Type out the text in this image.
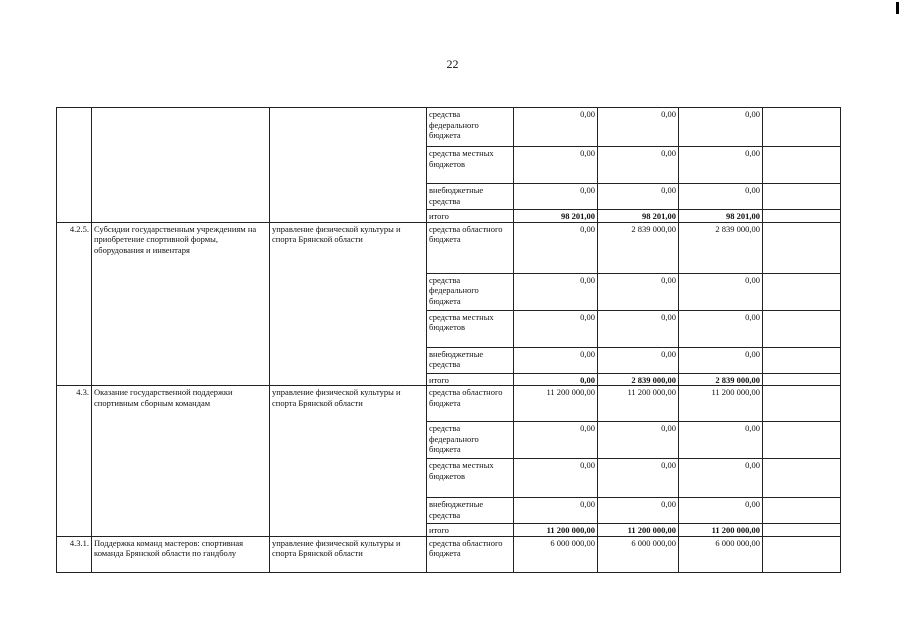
22
			средства федерального бюджета	0,00	0,00	0,00	
			средства местных бюджетов	0,00	0,00	0,00	
			внебюджетные средства	0,00	0,00	0,00	
			итого	98 201,00	98 201,00	98 201,00	
4.2.5.	Субсидии государственным учреждениям на приобретение спортивной формы, оборудования и инвентаря	управление физической культуры и спорта Брянской области	средства областного бюджета	0,00	2 839 000,00	2 839 000,00	
			средства федерального бюджета	0,00	0,00	0,00	
			средства местных бюджетов	0,00	0,00	0,00	
			внебюджетные средства	0,00	0,00	0,00	
			итого	0,00	2 839 000,00	2 839 000,00	
4.3.	Оказание государственной поддержки спортивным сборным командам	управление физической культуры и спорта Брянской области	средства областного бюджета	11 200 000,00	11 200 000,00	11 200 000,00	
			средства федерального бюджета	0,00	0,00	0,00	
			средства местных бюджетов	0,00	0,00	0,00	
			внебюджетные средства	0,00	0,00	0,00	
			итого	11 200 000,00	11 200 000,00	11 200 000,00	
4.3.1.	Поддержка команд мастеров: спортивная команда Брянской области по гандболу	управление физической культуры и спорта Брянской области	средства областного бюджета	6 000 000,00	6 000 000,00	6 000 000,00	
